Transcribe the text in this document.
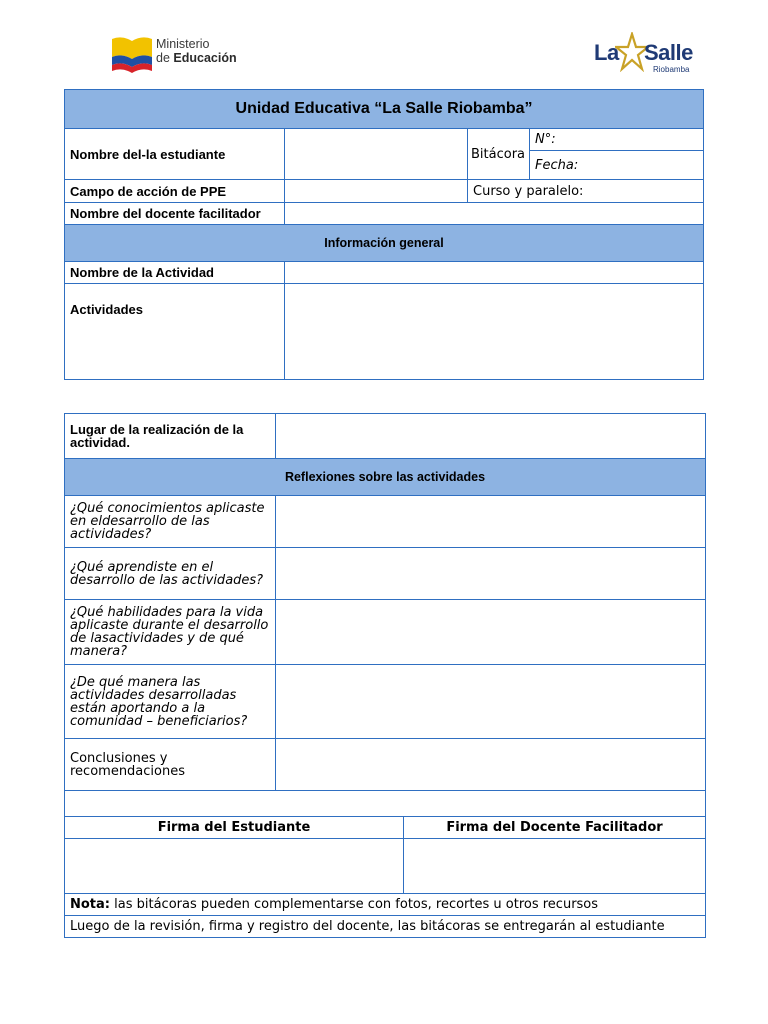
Ministerio
de Educación	La Salle
Riobamba
Unidad Educativa “La Salle Riobamba”			
Nombre del-la estudiante		Bitácora	N°:
			Fecha:
Campo de acción de PPE		Curso y paralelo:	
Nombre del docente facilitador			
Información general			
Nombre de la Actividad			
Actividades			
Lugar de la realización de la actividad.		
Reflexiones sobre las actividades		
¿Qué conocimientos aplicaste en eldesarrollo de las actividades?		
¿Qué aprendiste en el desarrollo de las actividades?		
¿Qué habilidades para la vida aplicaste durante el desarrollo de lasactividades y de qué manera?		
¿De qué manera las actividades desarrolladas están aportando a la comunidad – beneficiarios?		
Conclusiones y recomendaciones		

Firma del Estudiante		Firma del Docente Facilitador

Nota: las bitácoras pueden complementarse con fotos, recortes u otros recursos		
Luego de la revisión, firma y registro del docente, las bitácoras se entregarán al estudiante		
